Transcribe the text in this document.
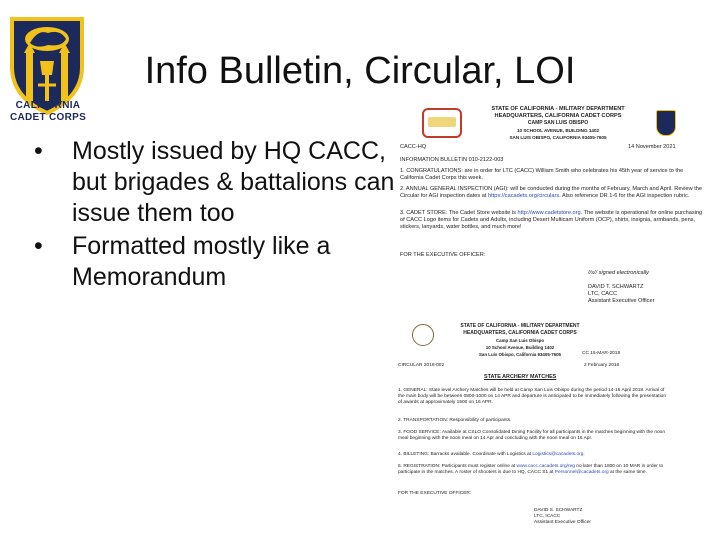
CALIFORNIA
CADET CORPS
Info Bulletin, Circular, LOI
• Mostly issued by HQ CACC, but brigades & battalions can issue them too
• Formatted mostly like a Memorandum
STATE OF CALIFORNIA - MILITARY DEPARTMENT
HEADQUARTERS, CALIFORNIA CADET CORPS
CAMP SAN LUIS OBISPO
10 SCHOOL AVENUE, BUILDING 1402
SAN LUIS OBISPO, CALIFORNIA 93405-7605
CACC-HQ	14 November 2021
INFORMATION BULLETIN 010-2122-003
1. CONGRATULATIONS: are in order for LTC (CACC) William Smith who celebrates his 45th year of service to the California Cadet Corps this week.
2. ANNUAL GENERAL INSPECTION (AGI): will be conducted during the months of February, March and April. Review the Circular for AGI inspection dates at https://cacadets.org/circulars. Also reference DR 1-6 for the AGI inspection rubric.
3. CADET STORE: The Cadet Store website is http://www.cadetstore.org. The website is operational for online purchasing of CACC Logo items for Cadets and Adults, including Desert Multicam Uniform (OCP), shirts, insignia, armbands, pens, stickers, lanyards, water bottles, and much more!
FOR THE EXECUTIVE OFFICER:
//s// signed electronically
DAVID T. SCHWARTZ
LTC, CACC
Assistant Executive Officer
STATE OF CALIFORNIA - MILITARY DEPARTMENT
HEADQUARTERS, CALIFORNIA CADET CORPS
Camp San Luis Obispo
10 School Avenue, Building 1402
San Luis Obispo, California 93405-7605	CC 15-MAR-2018
CIRCULAR 2018-002	2 February 2018
STATE ARCHERY MATCHES
1. GENERAL: State level Archery Matches will be held at Camp San Luis Obispo during the period 14-16 April 2018. Arrival of the main body will be between 0800-1000 on 14 APR and departure is anticipated to be immediately following the presentation of awards at approximately 1500 on 16 APR.
2. TRANSPORTATION: Responsibility of participants.
3. FOOD SERVICE: Available at CSLO Consolidated Dining Facility for all participants in the matches beginning with the noon meal beginning with the noon meal on 14 Apr and concluding with the noon meal on 16 Apr.
4. BILLETING: Barracks available. Coordinate with Logistics at Logistics@cacadets.org.
5. REGISTRATION: Participants must register online at www.cacc.cacadets.org/reg no later than 1800 on 10 MAR in order to participate in the matches. A roster of shooters is due to HQ, CACC S1 at Personnel@cacadets.org at the same time.
FOR THE EXECUTIVE OFFICER:
DAVID S. SCHWARTZ
LTC, ICACC
Assistant Executive Officer
